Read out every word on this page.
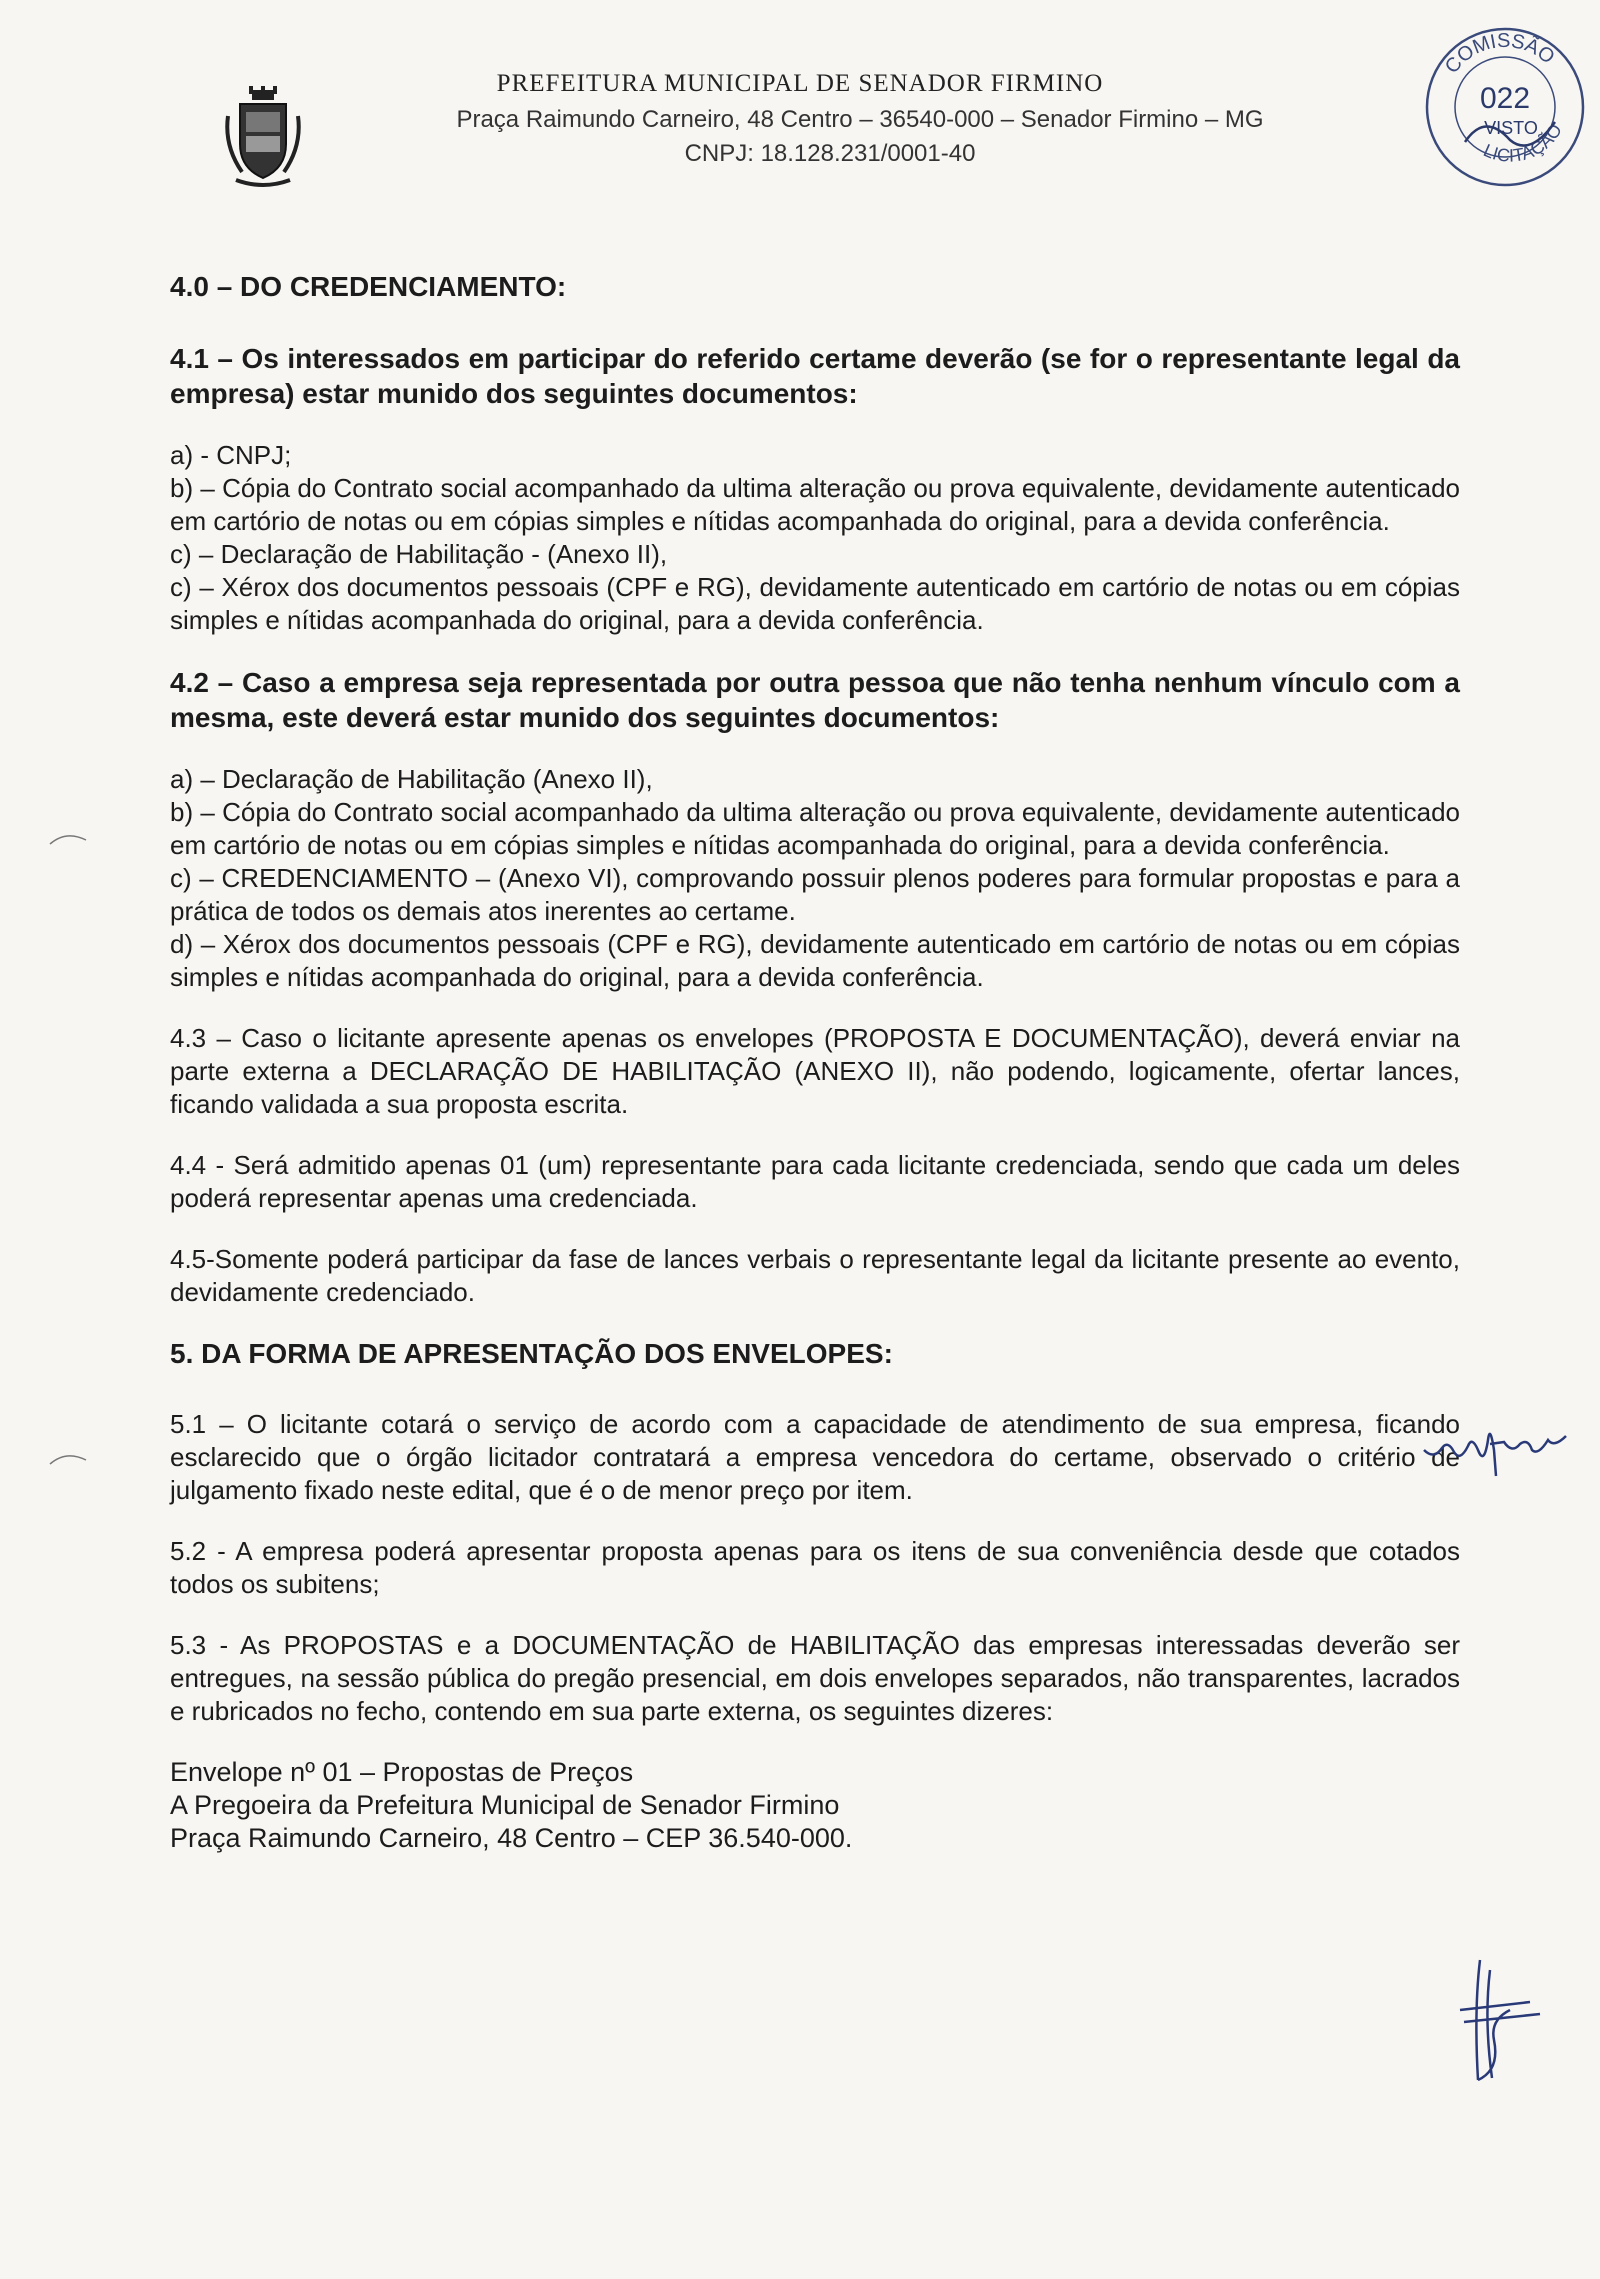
PREFEITURA MUNICIPAL DE SENADOR FIRMINO
Praça Raimundo Carneiro, 48 Centro – 36540-000 – Senador Firmino – MG
CNPJ: 18.128.231/0001-40
COMISSÃO
LICITAÇÃO
022
VISTO
4.0 – DO CREDENCIAMENTO:
4.1 – Os interessados em participar do referido certame deverão (se for o representante legal da empresa) estar munido dos seguintes documentos:
a) - CNPJ;
b) – Cópia do Contrato social acompanhado da ultima alteração ou prova equivalente, devidamente autenticado em cartório de notas ou em cópias simples e nítidas acompanhada do original, para a devida conferência.
c) – Declaração de Habilitação - (Anexo II),
c) – Xérox dos documentos pessoais (CPF e RG), devidamente autenticado em cartório de notas ou em cópias simples e nítidas acompanhada do original, para a devida conferência.
4.2 – Caso a empresa seja representada por outra pessoa que não tenha nenhum vínculo com a mesma, este deverá estar munido dos seguintes documentos:
a) – Declaração de Habilitação (Anexo II),
b) – Cópia do Contrato social acompanhado da ultima alteração ou prova equivalente, devidamente autenticado em cartório de notas ou em cópias simples e nítidas acompanhada do original, para a devida conferência.
c) – CREDENCIAMENTO – (Anexo VI), comprovando possuir plenos poderes para formular propostas e para a prática de todos os demais atos inerentes ao certame.
d) – Xérox dos documentos pessoais (CPF e RG), devidamente autenticado em cartório de notas ou em cópias simples e nítidas acompanhada do original, para a devida conferência.
4.3 – Caso o licitante apresente apenas os envelopes (PROPOSTA E DOCUMENTAÇÃO), deverá enviar na parte externa a DECLARAÇÃO DE HABILITAÇÃO (ANEXO II), não podendo, logicamente, ofertar lances, ficando validada a sua proposta escrita.
4.4 - Será admitido apenas 01 (um) representante para cada licitante credenciada, sendo que cada um deles poderá representar apenas uma credenciada.
4.5-Somente poderá participar da fase de lances verbais o representante legal da licitante presente ao evento, devidamente credenciado.
5. DA FORMA DE APRESENTAÇÃO DOS ENVELOPES:
5.1 – O licitante cotará o serviço de acordo com a capacidade de atendimento de sua empresa, ficando esclarecido que o órgão licitador contratará a empresa vencedora do certame, observado o critério de julgamento fixado neste edital, que é o de menor preço por item.
5.2 - A empresa poderá apresentar proposta apenas para os itens de sua conveniência desde que cotados todos os subitens;
5.3 - As PROPOSTAS e a DOCUMENTAÇÃO de HABILITAÇÃO das empresas interessadas deverão ser entregues, na sessão pública do pregão presencial, em dois envelopes separados, não transparentes, lacrados e rubricados no fecho, contendo em sua parte externa, os seguintes dizeres:
Envelope nº 01 – Propostas de Preços
A Pregoeira da Prefeitura Municipal de Senador Firmino
Praça Raimundo Carneiro, 48 Centro – CEP 36.540-000.
